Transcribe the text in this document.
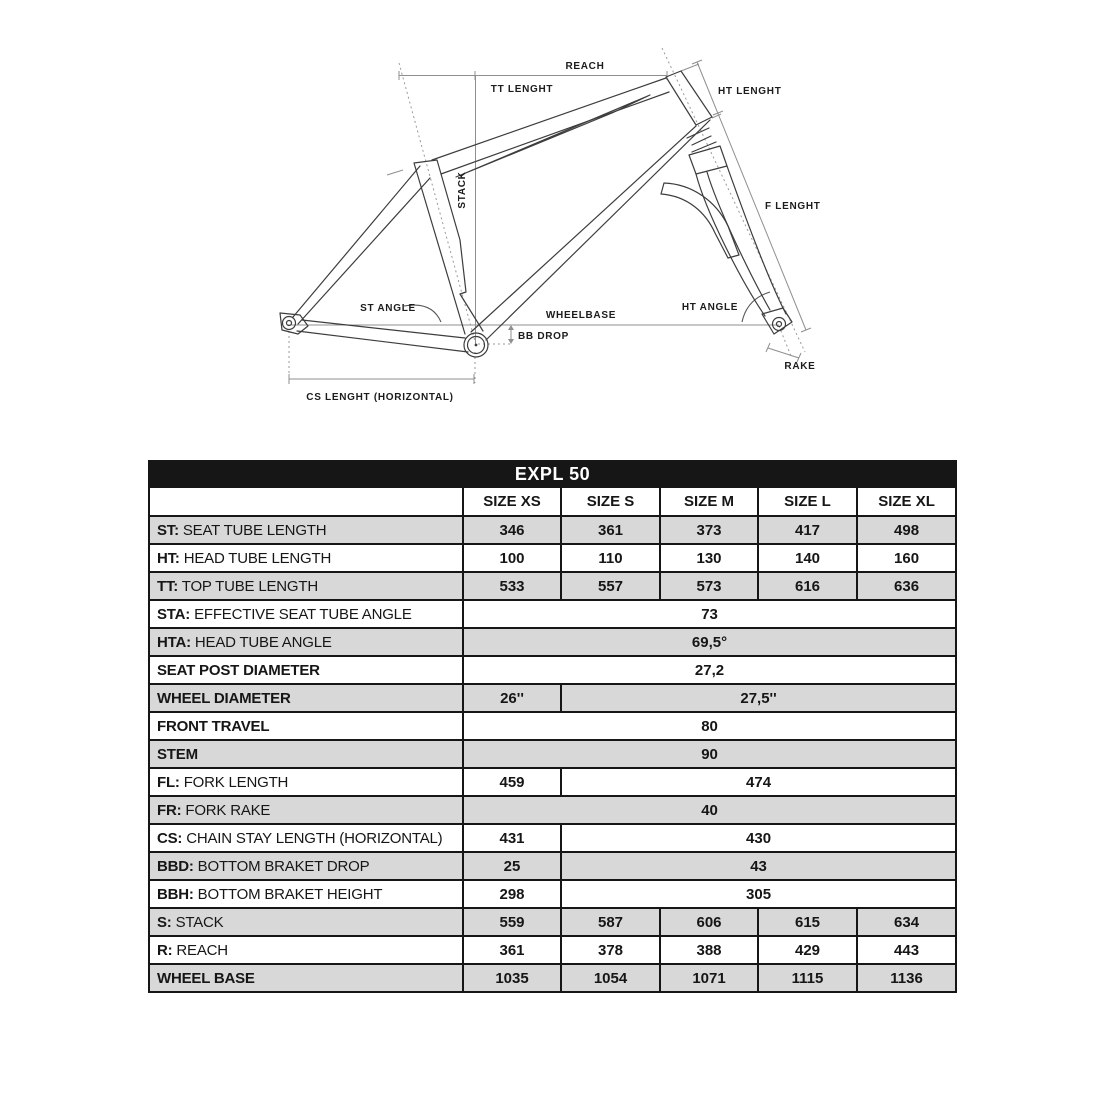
REACH
TT LENGHT	HT LENGHT
STACK	F LENGHT
ST ANGLE
WHEELBASE
BB DROP
HT ANGLE
RAKE
CS LENGHT (HORIZONTAL)
EXPL 50					
	SIZE XS	SIZE S	SIZE M	SIZE L	SIZE XL
ST: SEAT TUBE LENGTH	346	361	373	417	498
HT: HEAD TUBE LENGTH	100	110	130	140	160
TT: TOP TUBE LENGTH	533	557	573	616	636
STA: EFFECTIVE SEAT TUBE ANGLE	73				
HTA: HEAD TUBE ANGLE	69,5°				
SEAT POST DIAMETER	27,2				
WHEEL DIAMETER	26''	27,5''			
FRONT TRAVEL	80				
STEM	90				
FL: FORK LENGTH	459	474			
FR: FORK RAKE	40				
CS: CHAIN STAY LENGTH (HORIZONTAL)	431	430			
BBD: BOTTOM BRAKET DROP	25	43			
BBH: BOTTOM BRAKET HEIGHT	298	305			
S: STACK	559	587	606	615	634
R: REACH	361	378	388	429	443
WHEEL BASE	1035	1054	1071	1115	1136
